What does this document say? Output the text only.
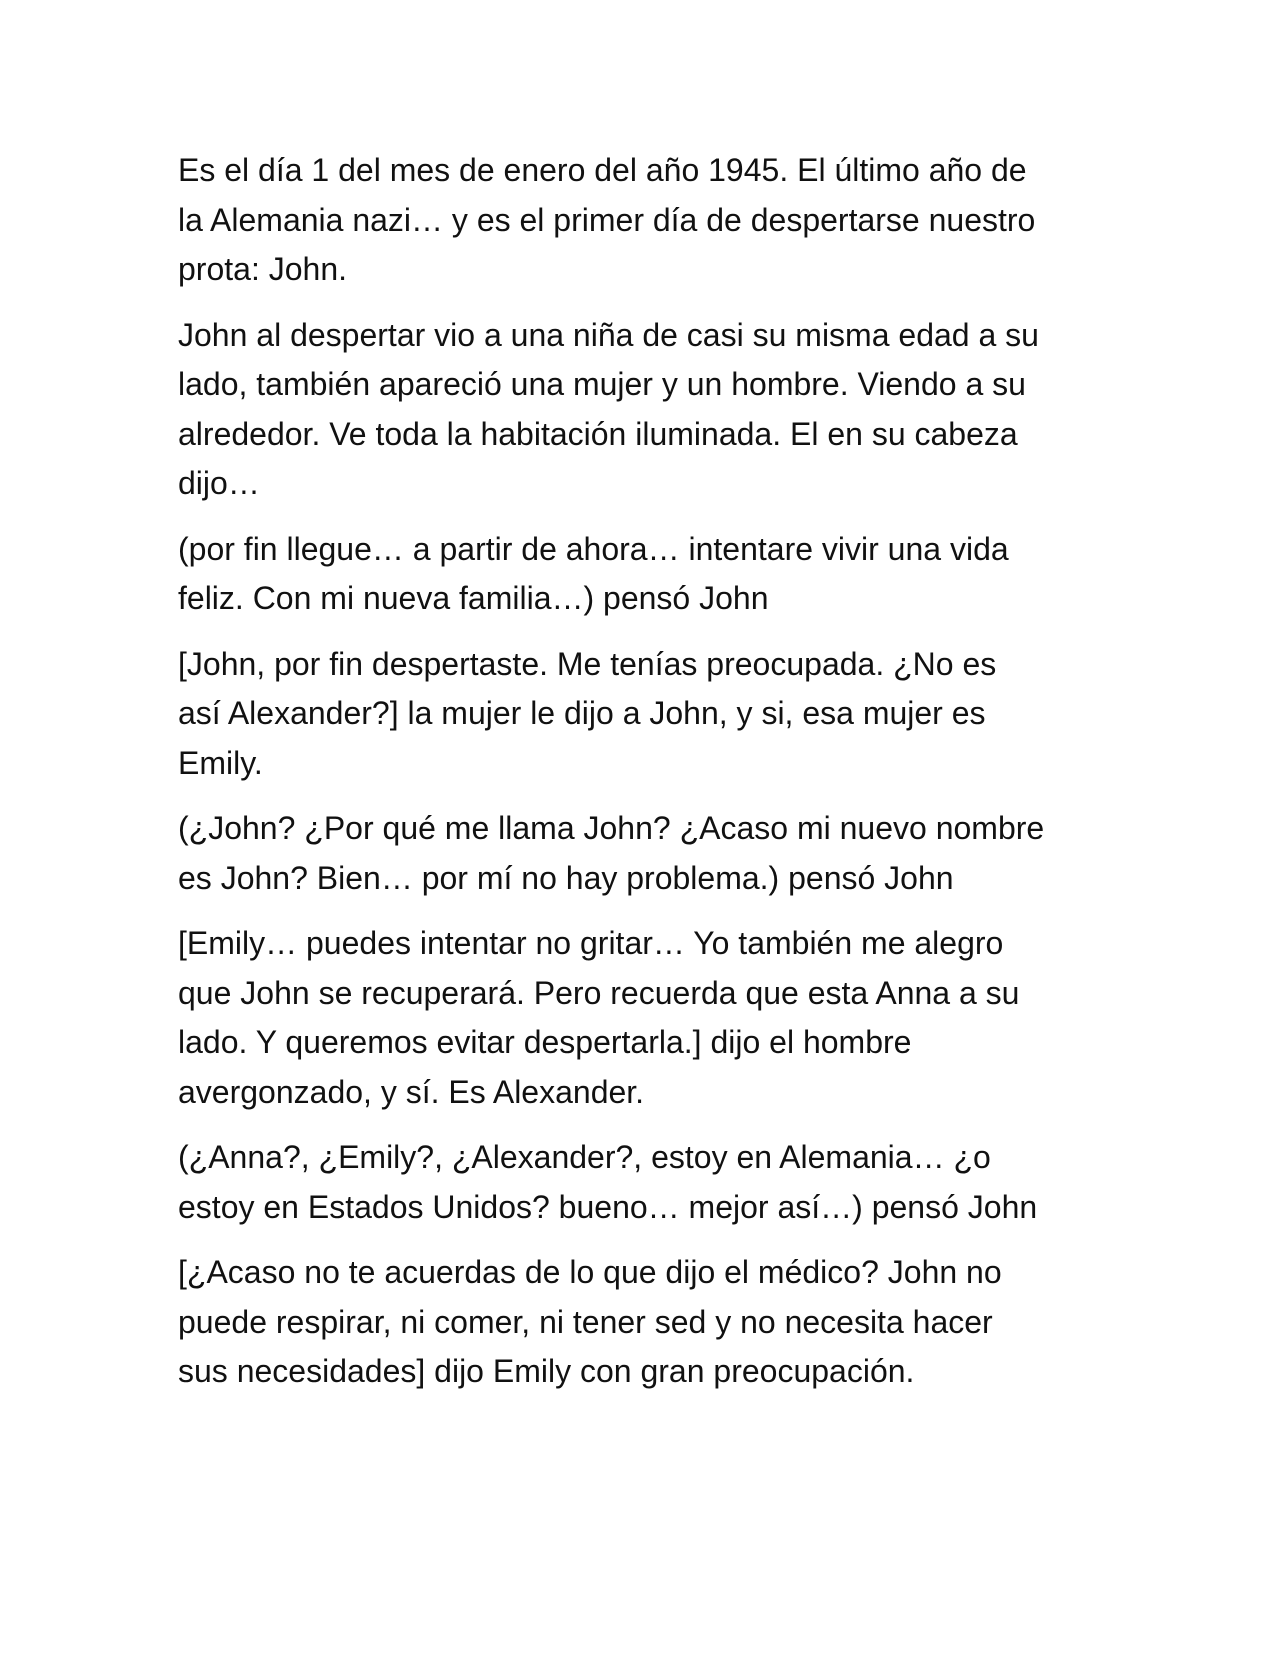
Es el día 1 del mes de enero del año 1945. El último año de
la Alemania nazi… y es el primer día de despertarse nuestro
prota: John.

John al despertar vio a una niña de casi su misma edad a su
lado, también apareció una mujer y un hombre. Viendo a su
alrededor. Ve toda la habitación iluminada. El en su cabeza
dijo…

(por fin llegue… a partir de ahora… intentare vivir una vida
feliz. Con mi nueva familia…) pensó John

[John, por fin despertaste. Me tenías preocupada. ¿No es
así Alexander?] la mujer le dijo a John, y si, esa mujer es
Emily.

(¿John? ¿Por qué me llama John? ¿Acaso mi nuevo nombre
es John? Bien… por mí no hay problema.) pensó John

[Emily… puedes intentar no gritar… Yo también me alegro
que John se recuperará. Pero recuerda que esta Anna a su
lado. Y queremos evitar despertarla.] dijo el hombre
avergonzado, y sí. Es Alexander.

(¿Anna?, ¿Emily?, ¿Alexander?, estoy en Alemania… ¿o
estoy en Estados Unidos? bueno… mejor así…) pensó John

[¿Acaso no te acuerdas de lo que dijo el médico? John no
puede respirar, ni comer, ni tener sed y no necesita hacer
sus necesidades] dijo Emily con gran preocupación.
